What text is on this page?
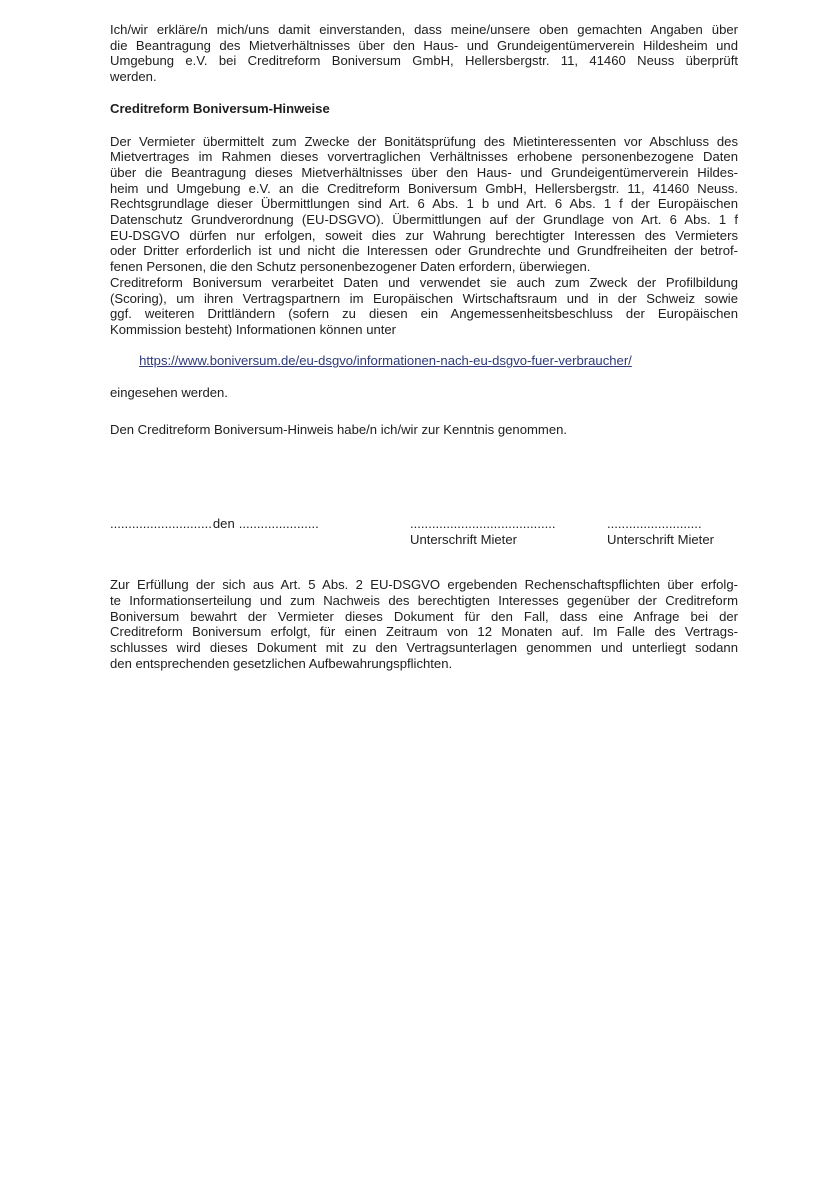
Ich/wir erkläre/n mich/uns damit einverstanden, dass meine/unsere oben gemachten Angaben über
die Beantragung des Mietverhältnisses über den Haus- und Grundeigentümerverein Hildesheim und
Umgebung e.V. bei Creditreform Boniversum GmbH, Hellersbergstr. 11, 41460 Neuss überprüft
werden.
Creditreform Boniversum-Hinweise
Der Vermieter übermittelt zum Zwecke der Bonitätsprüfung des Mietinteressenten vor Abschluss des
Mietvertrages im Rahmen dieses vorvertraglichen Verhältnisses erhobene personenbezogene Daten
über die Beantragung dieses Mietverhältnisses über den Haus- und Grundeigentümerverein Hildes-
heim und Umgebung e.V. an die Creditreform Boniversum GmbH, Hellersbergstr. 11, 41460 Neuss.
Rechtsgrundlage dieser Übermittlungen sind Art. 6 Abs. 1 b und Art. 6 Abs. 1 f der Europäischen
Datenschutz Grundverordnung (EU-DSGVO). Übermittlungen auf der Grundlage von Art. 6 Abs. 1 f
EU-DSGVO dürfen nur erfolgen, soweit dies zur Wahrung berechtigter Interessen des Vermieters
oder Dritter erforderlich ist und nicht die Interessen oder Grundrechte und Grundfreiheiten der betrof-
fenen Personen, die den Schutz personenbezogener Daten erfordern, überwiegen.
Creditreform Boniversum verarbeitet Daten und verwendet sie auch zum Zweck der Profilbildung
(Scoring), um ihren Vertragspartnern im Europäischen Wirtschaftsraum und in der Schweiz sowie
ggf. weiteren Drittländern (sofern zu diesen ein Angemessenheitsbeschluss der Europäischen
Kommission besteht) Informationen können unter

https://www.boniversum.de/eu-dsgvo/informationen-nach-eu-dsgvo-fuer-verbraucher/

eingesehen werden.
Den Creditreform Boniversum-Hinweis habe/n ich/wir zur Kenntnis genommen.
............................den ......................	........................................
Unterschrift Mieter
..........................
Unterschrift Mieter
Zur Erfüllung der sich aus Art. 5 Abs. 2 EU-DSGVO ergebenden Rechenschaftspflichten über erfolg-
te Informationserteilung und zum Nachweis des berechtigten Interesses gegenüber der Creditreform
Boniversum bewahrt der Vermieter dieses Dokument für den Fall, dass eine Anfrage bei der
Creditreform Boniversum erfolgt, für einen Zeitraum von 12 Monaten auf. Im Falle des Vertrags-
schlusses wird dieses Dokument mit zu den Vertragsunterlagen genommen und unterliegt sodann
den entsprechenden gesetzlichen Aufbewahrungspflichten.
